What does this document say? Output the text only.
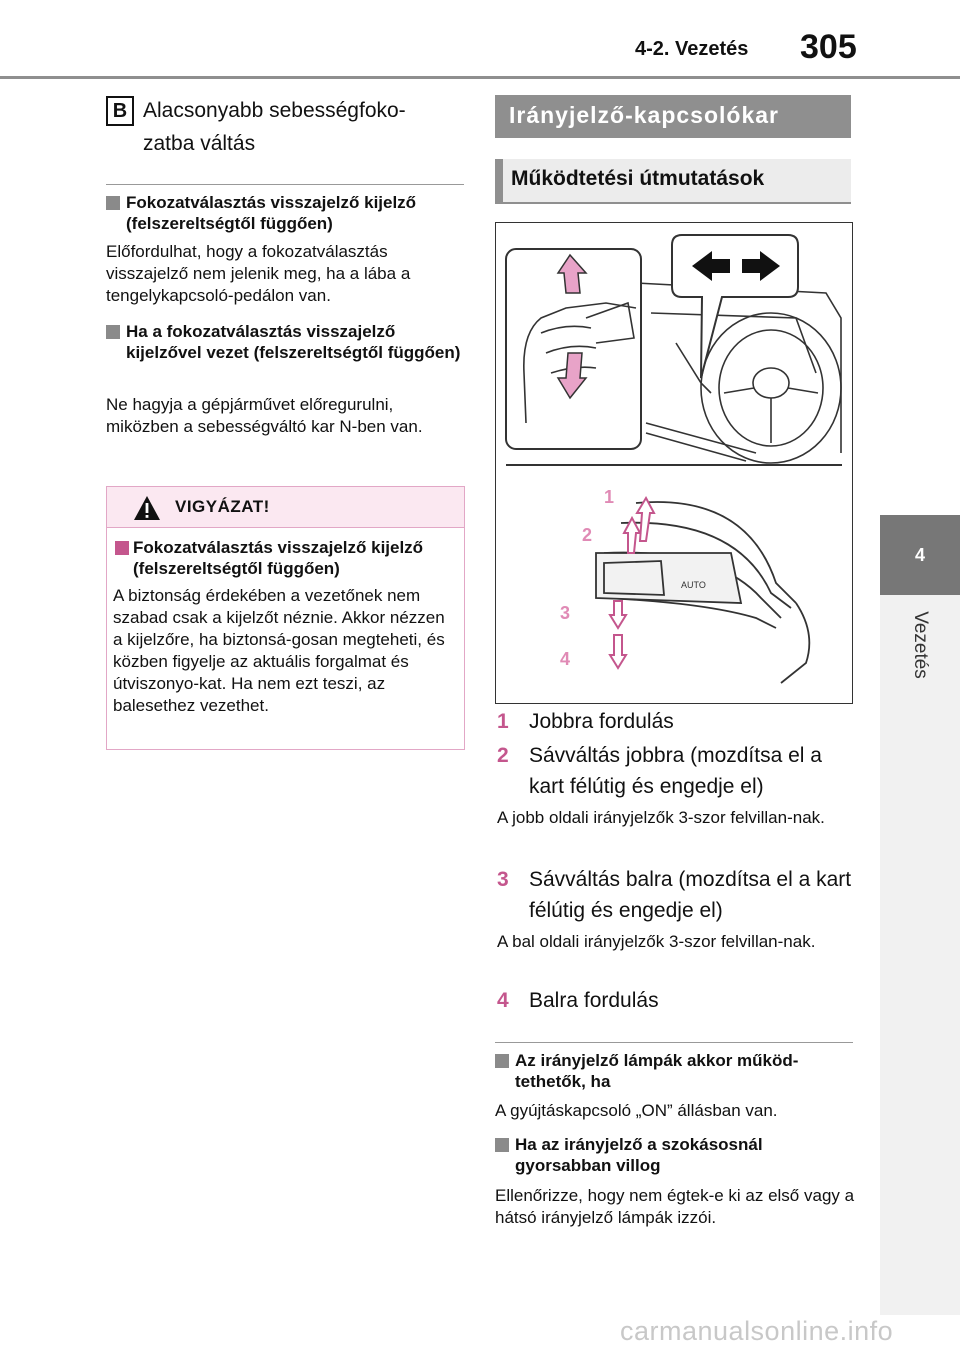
4-2. Vezetés 305
4
Vezetés
B Alacsonyabb sebességfoko-zatba váltás
Fokozatválasztás visszajelző kijelző (felszereltségtől függően)
Előfordulhat, hogy a fokozatválasztás visszajelző nem jelenik meg, ha a lába a tengelykapcsoló-pedálon van.
Ha a fokozatválasztás visszajelző kijelzővel vezet (felszereltségtől függően)
Ne hagyja a gépjárművet előregurulni, miközben a sebességváltó kar N-ben van.
VIGYÁZAT!
Fokozatválasztás visszajelző kijelző (felszereltségtől függően)
A biztonság érdekében a vezetőnek nem szabad csak a kijelzőt néznie. Akkor nézzen a kijelzőre, ha biztonsá-gosan megteheti, és közben figyelje az aktuális forgalmat és útviszonyo-kat. Ha nem ezt teszi, az balesethez vezethet.
Irányjelző-kapcsolókar
Működtetési útmutatások
AUTO
1
2
3
4
1 Jobbra fordulás
2 Sávváltás jobbra (mozdítsa el a kart félútig és engedje el)
A jobb oldali irányjelzők 3-szor felvillan-nak.
3 Sávváltás balra (mozdítsa el a kart félútig és engedje el)
A bal oldali irányjelzők 3-szor felvillan-nak.
4 Balra fordulás
Az irányjelző lámpák akkor működ-tethetők, ha
A gyújtáskapcsoló „ON” állásban van.
Ha az irányjelző a szokásosnál gyorsabban villog
Ellenőrizze, hogy nem égtek-e ki az első vagy a hátsó irányjelző lámpák izzói.
carmanualsonline.info
